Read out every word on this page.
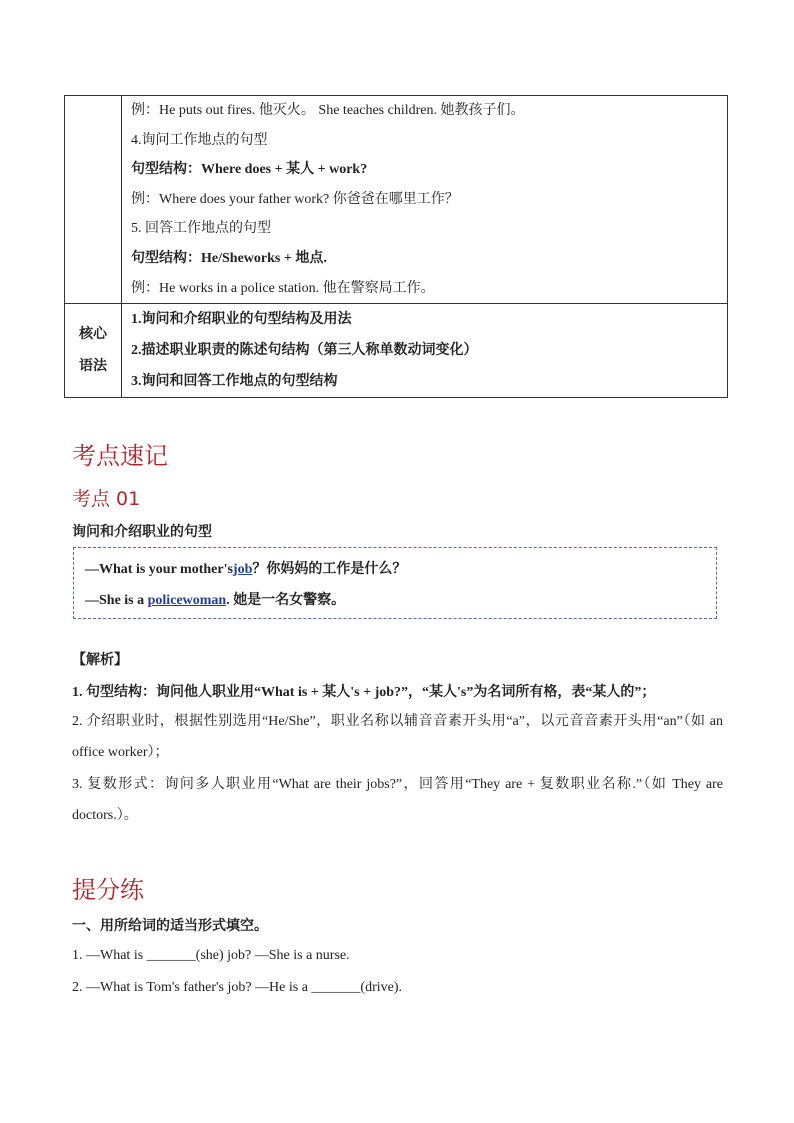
例：He puts out fires. 他灭火。 She teaches children. 她教孩子们。
4.询问工作地点的句型
句型结构：Where does + 某人 + work?
例：Where does your father work? 你爸爸在哪里工作？
5. 回答工作地点的句型
句型结构：He/Sheworks + 地点.
例：He works in a police station. 他在警察局工作。
核心
语法
1.询问和介绍职业的句型结构及用法
2.描述职业职责的陈述句结构（第三人称单数动词变化）
3.询问和回答工作地点的句型结构
考点速记
考点 01
询问和介绍职业的句型
—What is your mother'sjob？你妈妈的工作是什么？
—She is a policewoman. 她是一名女警察。
【解析】
1. 句型结构：询问他人职业用“What is + 某人's + job?”，“某人's”为名词所有格，表“某人的”；
2. 介绍职业时，根据性别选用“He/She”，职业名称以辅音音素开头用“a”，以元音音素开头用“an”（如 an office worker）；
3. 复数形式：询问多人职业用“What are their jobs?”，回答用“They are + 复数职业名称.”（如 They are doctors.）。
提分练
一、用所给词的适当形式填空。
1. —What is _______(she) job? —She is a nurse.
2. —What is Tom's father's job? —He is a _______(drive).
